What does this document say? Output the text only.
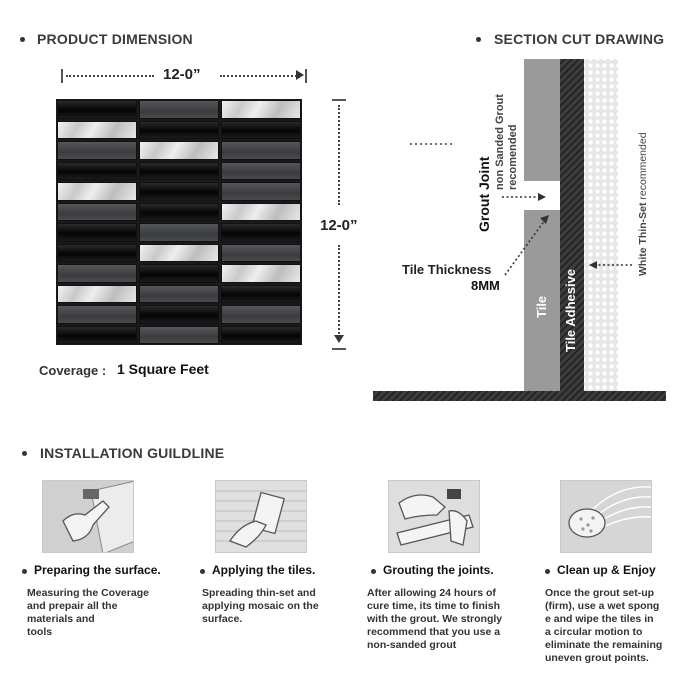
PRODUCT DIMENSION
12-0”
12-0”
Coverage : 1 Square Feet
SECTION CUT DRAWING
Grout Joint
non Sanded Grout recomended
Tile Thickness
8MM
Tile Tile Adhesive
White Thin-Set recommended
INSTALLATION GUILDLINE
Preparing the surface.
Measuring the Coverage
and prepair all the
materials and
tools
Applying the tiles.
Spreading thin-set and
applying mosaic on the
surface.
Grouting the joints.
After allowing 24 hours of
cure time, its time to finish
with the grout. We strongly
recommend that you use a
non-sanded grout
Clean up & Enjoy
Once the grout set-up
(firm), use a wet spong
e and wipe the tiles in
a circular motion to
eliminate the remaining
uneven grout points.
